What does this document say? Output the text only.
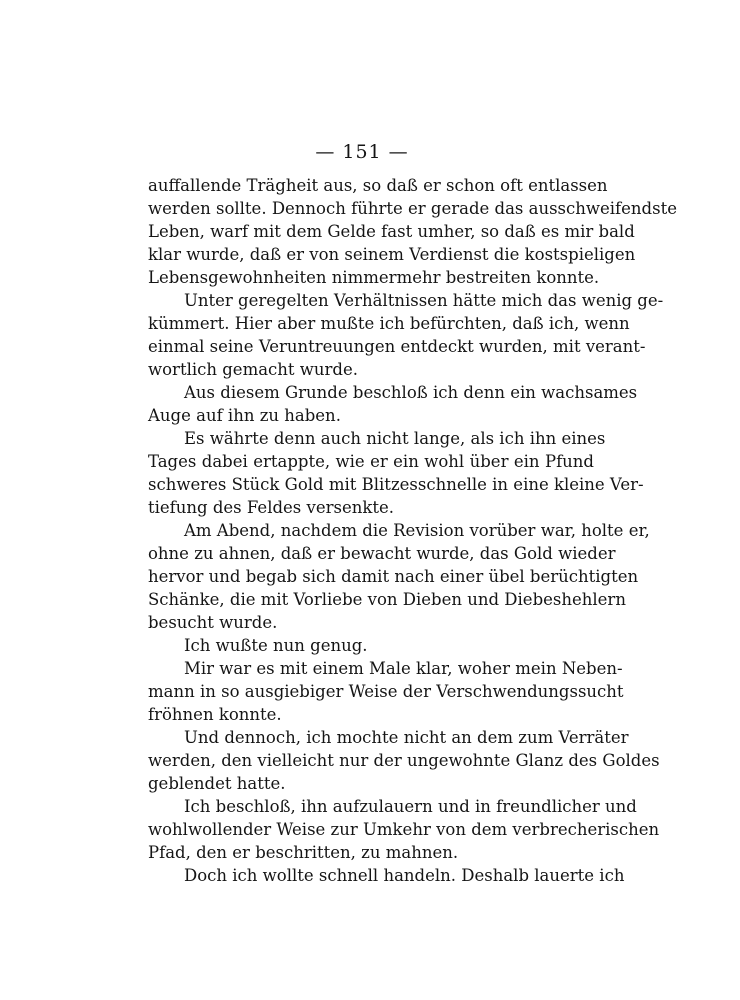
— 151 —
auffallende Trägheit aus, so daß er schon oft entlassen
werden sollte. Dennoch führte er gerade das ausschweifendste
Leben, warf mit dem Gelde fast umher, so daß es mir bald
klar wurde, daß er von seinem Verdienst die kostspieligen
Lebensgewohnheiten nimmermehr bestreiten konnte.
Unter geregelten Verhältnissen hätte mich das wenig ge-
kümmert. Hier aber mußte ich befürchten, daß ich, wenn
einmal seine Veruntreuungen entdeckt wurden, mit verant-
wortlich gemacht wurde.
Aus diesem Grunde beschloß ich denn ein wachsames
Auge auf ihn zu haben.
Es währte denn auch nicht lange, als ich ihn eines
Tages dabei ertappte, wie er ein wohl über ein Pfund
schweres Stück Gold mit Blitzesschnelle in eine kleine Ver-
tiefung des Feldes versenkte.
Am Abend, nachdem die Revision vorüber war, holte er,
ohne zu ahnen, daß er bewacht wurde, das Gold wieder
hervor und begab sich damit nach einer übel berüchtigten
Schänke, die mit Vorliebe von Dieben und Diebeshehlern
besucht wurde.
Ich wußte nun genug.
Mir war es mit einem Male klar, woher mein Neben-
mann in so ausgiebiger Weise der Verschwendungssucht
fröhnen konnte.
Und dennoch, ich mochte nicht an dem zum Verräter
werden, den vielleicht nur der ungewohnte Glanz des Goldes
geblendet hatte.
Ich beschloß, ihn aufzulauern und in freundlicher und
wohlwollender Weise zur Umkehr von dem verbrecherischen
Pfad, den er beschritten, zu mahnen.
Doch ich wollte schnell handeln. Deshalb lauerte ich
